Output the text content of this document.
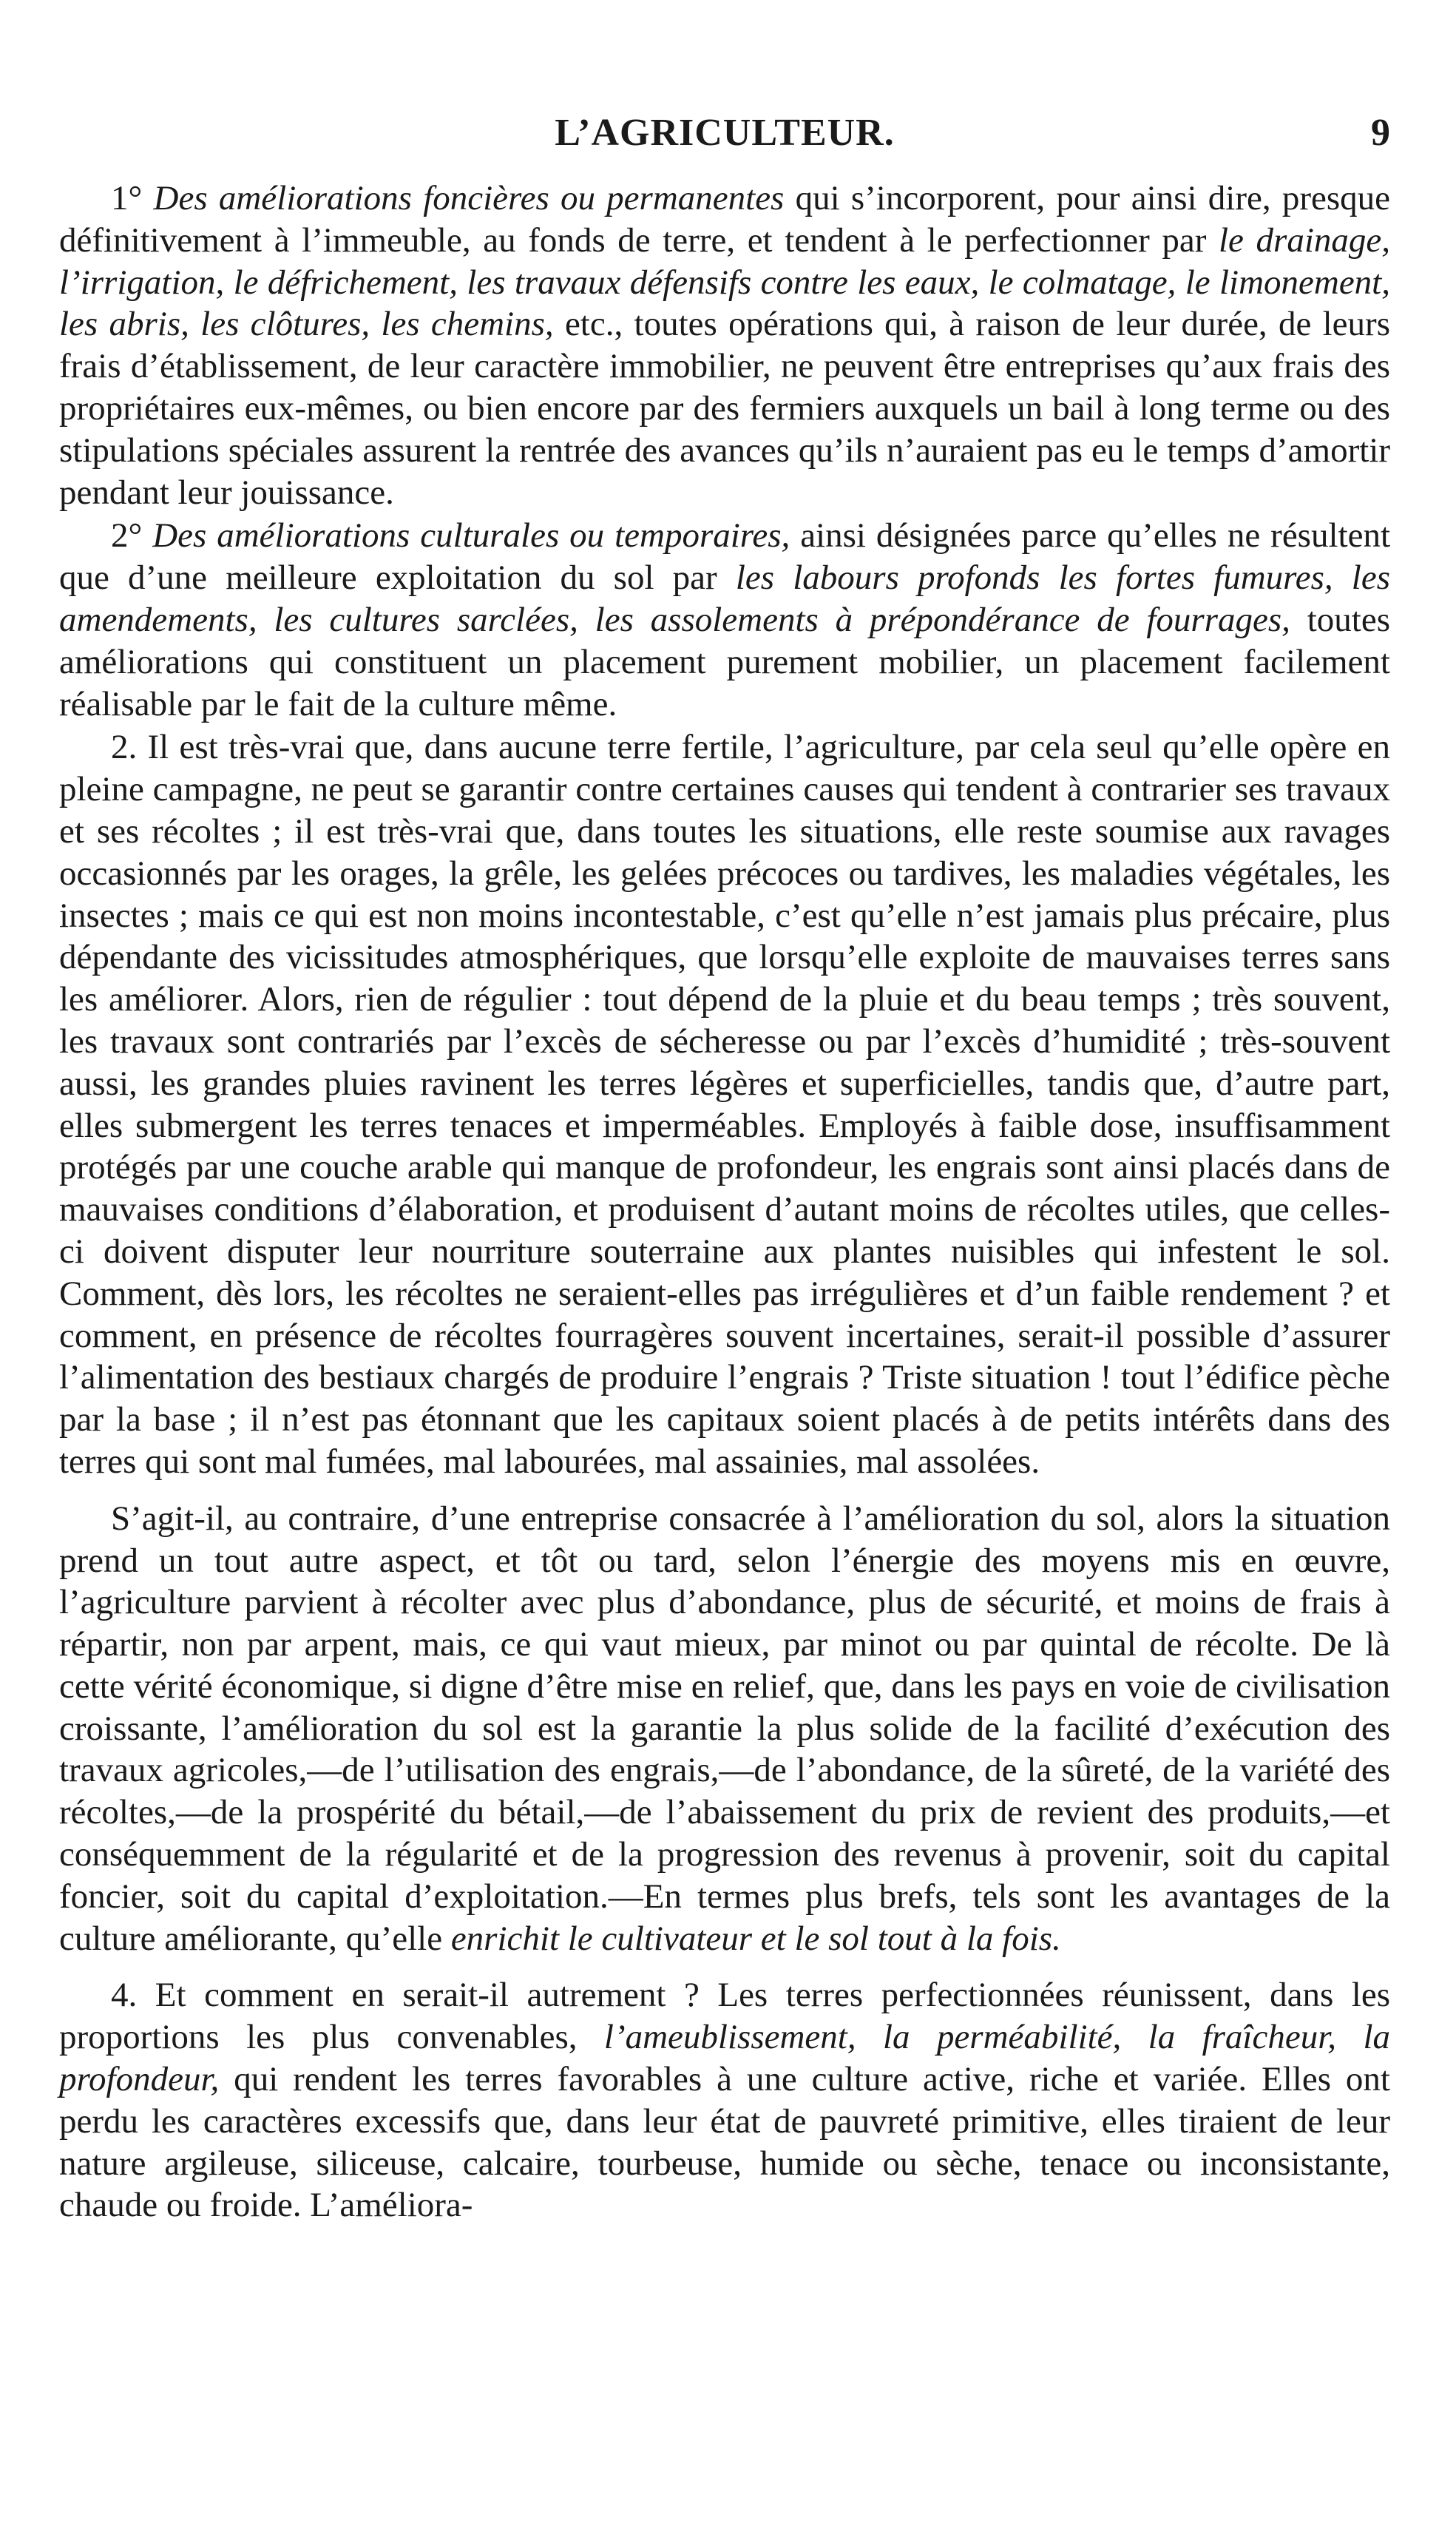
L’AGRICULTEUR.	9

1° Des améliorations foncières ou permanentes qui s’incorporent, pour ainsi dire, presque définitivement à l’immeuble, au fonds de terre, et tendent à le perfectionner par le drainage, l’irrigation, le défrichement, les travaux défensifs contre les eaux, le colmatage, le limonement, les abris, les clôtures, les chemins, etc., toutes opérations qui, à raison de leur durée, de leurs frais d’établissement, de leur caractère immobilier, ne peuvent être entreprises qu’aux frais des propriétaires eux-mêmes, ou bien encore par des fermiers auxquels un bail à long terme ou des stipulations spéciales assurent la rentrée des avances qu’ils n’auraient pas eu le temps d’amortir pendant leur jouissance.

2° Des améliorations culturales ou temporaires, ainsi désignées parce qu’elles ne résultent que d’une meilleure exploitation du sol par les labours profonds les fortes fumures, les amendements, les cultures sarclées, les assolements à prépondérance de fourrages, toutes améliorations qui constituent un placement purement mobilier, un placement facilement réalisable par le fait de la culture même.

2. Il est très-vrai que, dans aucune terre fertile, l’agriculture, par cela seul qu’elle opère en pleine campagne, ne peut se garantir contre certaines causes qui tendent à contrarier ses travaux et ses récoltes ; il est très-vrai que, dans toutes les situations, elle reste soumise aux ravages occasionnés par les orages, la grêle, les gelées précoces ou tardives, les maladies végétales, les insectes ; mais ce qui est non moins incontestable, c’est qu’elle n’est jamais plus précaire, plus dépendante des vicissitudes atmosphériques, que lorsqu’elle exploite de mauvaises terres sans les améliorer. Alors, rien de régulier : tout dépend de la pluie et du beau temps ; très souvent, les travaux sont contrariés par l’excès de sécheresse ou par l’excès d’humidité ; très-souvent aussi, les grandes pluies ravinent les terres légères et superficielles, tandis que, d’autre part, elles submergent les terres tenaces et imperméables. Employés à faible dose, insuffisamment protégés par une couche arable qui manque de profondeur, les engrais sont ainsi placés dans de mauvaises conditions d’élaboration, et produisent d’autant moins de récoltes utiles, que celles-ci doivent disputer leur nourriture souterraine aux plantes nuisibles qui infestent le sol. Comment, dès lors, les récoltes ne seraient-elles pas irrégulières et d’un faible rendement ? et comment, en présence de récoltes fourragères souvent incertaines, serait-il possible d’assurer l’alimentation des bestiaux chargés de produire l’engrais ? Triste situation ! tout l’édifice pèche par la base ; il n’est pas étonnant que les capitaux soient placés à de petits intérêts dans des terres qui sont mal fumées, mal labourées, mal assainies, mal assolées.

S’agit-il, au contraire, d’une entreprise consacrée à l’amélioration du sol, alors la situation prend un tout autre aspect, et tôt ou tard, selon l’énergie des moyens mis en œuvre, l’agriculture parvient à récolter avec plus d’abondance, plus de sécurité, et moins de frais à répartir, non par arpent, mais, ce qui vaut mieux, par minot ou par quintal de récolte. De là cette vérité économique, si digne d’être mise en relief, que, dans les pays en voie de civilisation croissante, l’amélioration du sol est la garantie la plus solide de la facilité d’exécution des travaux agricoles,—de l’utilisation des engrais,—de l’abondance, de la sûreté, de la variété des récoltes,—de la prospérité du bétail,—de l’abaissement du prix de revient des produits,—et conséquemment de la régularité et de la progression des revenus à provenir, soit du capital foncier, soit du capital d’exploitation.—En termes plus brefs, tels sont les avantages de la culture améliorante, qu’elle enrichit le cultivateur et le sol tout à la fois.

4. Et comment en serait-il autrement ? Les terres perfectionnées réunissent, dans les proportions les plus convenables, l’ameublissement, la perméabilité, la fraîcheur, la profondeur, qui rendent les terres favorables à une culture active, riche et variée. Elles ont perdu les caractères excessifs que, dans leur état de pauvreté primitive, elles tiraient de leur nature argileuse, siliceuse, calcaire, tourbeuse, humide ou sèche, tenace ou inconsistante, chaude ou froide. L’améliora-
